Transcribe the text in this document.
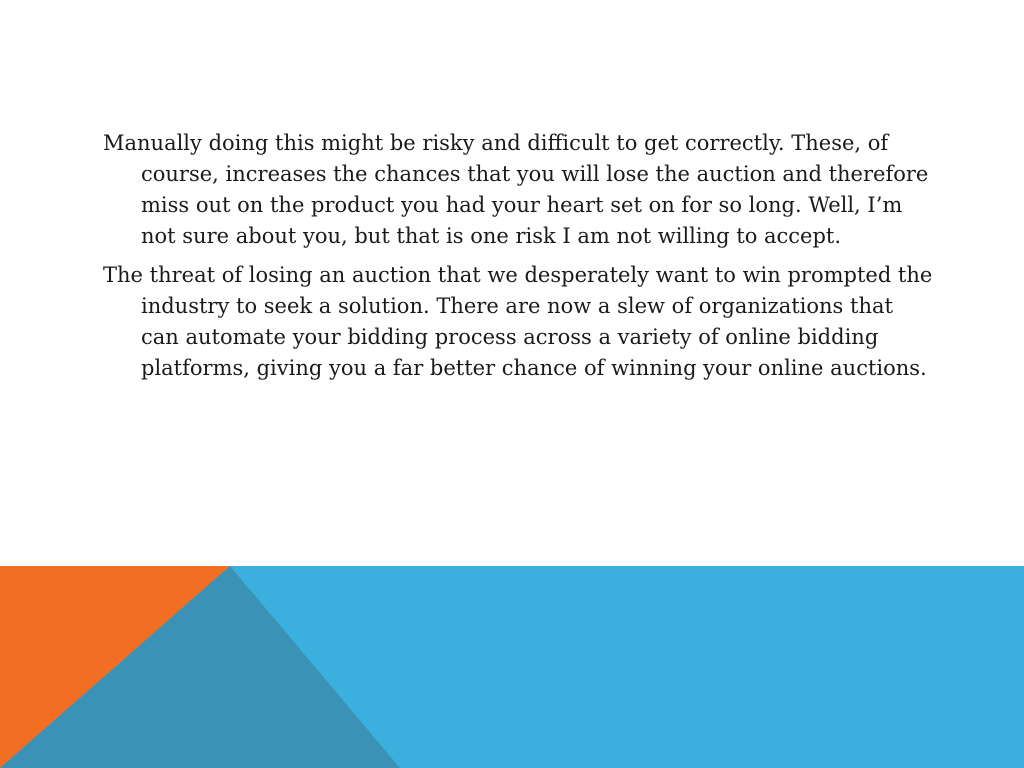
Manually doing this might be risky and difficult to get correctly. These, of course, increases the chances that you will lose the auction and therefore miss out on the product you had your heart set on for so long. Well, I’m not sure about you, but that is one risk I am not willing to accept.

The threat of losing an auction that we desperately want to win prompted the industry to seek a solution. There are now a slew of organizations that can automate your bidding process across a variety of online bidding platforms, giving you a far better chance of winning your online auctions.
